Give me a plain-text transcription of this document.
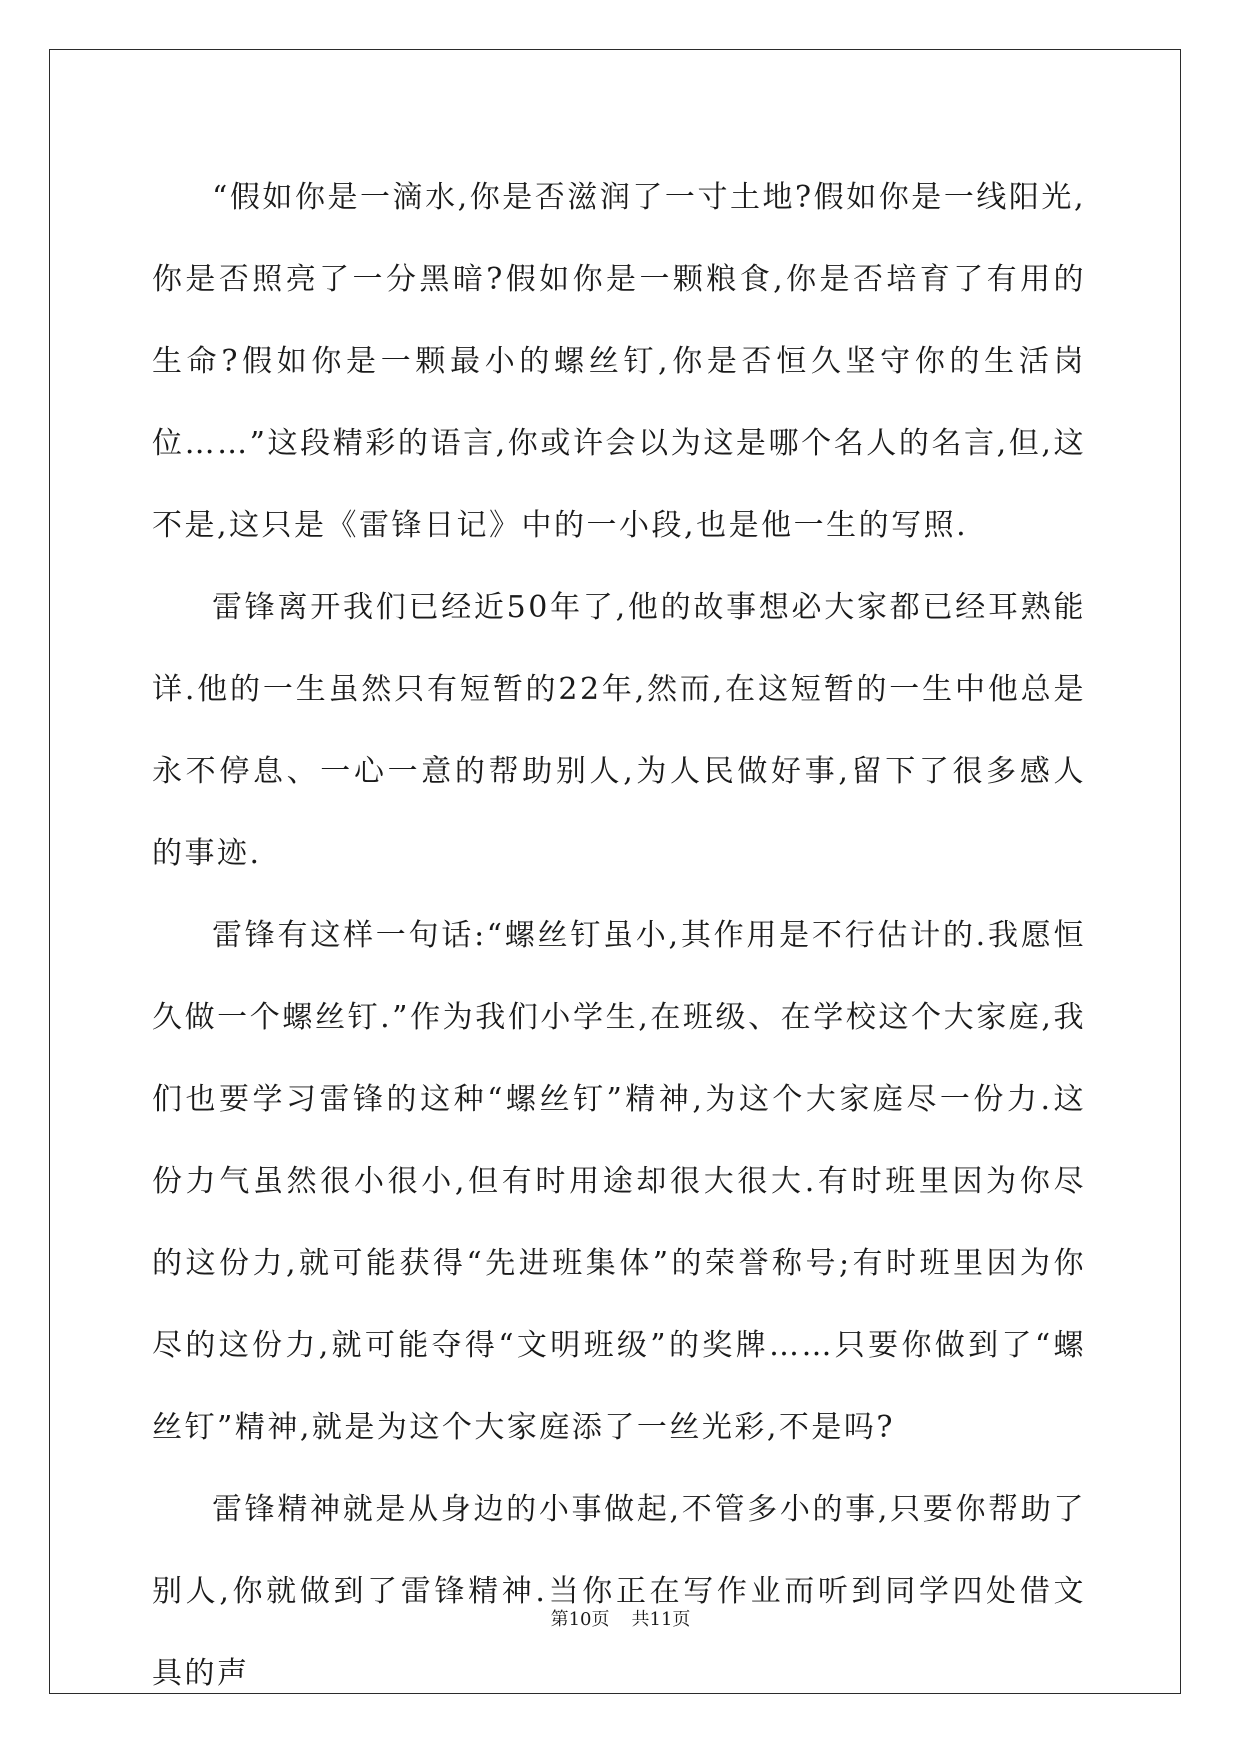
“假如你是一滴水,你是否滋润了一寸土地?假如你是一线阳光,你是否照亮了一分黑暗?假如你是一颗粮食,你是否培育了有用的生命?假如你是一颗最小的螺丝钉,你是否恒久坚守你的生活岗位……”这段精彩的语言,你或许会以为这是哪个名人的名言,但,这不是,这只是《雷锋日记》中的一小段,也是他一生的写照.

雷锋离开我们已经近50年了,他的故事想必大家都已经耳熟能详.他的一生虽然只有短暂的22年,然而,在这短暂的一生中他总是永不停息、一心一意的帮助别人,为人民做好事,留下了很多感人的事迹.

雷锋有这样一句话:“螺丝钉虽小,其作用是不行估计的.我愿恒久做一个螺丝钉.”作为我们小学生,在班级、在学校这个大家庭,我们也要学习雷锋的这种“螺丝钉”精神,为这个大家庭尽一份力.这份力气虽然很小很小,但有时用途却很大很大.有时班里因为你尽的这份力,就可能获得“先进班集体”的荣誉称号;有时班里因为你尽的这份力,就可能夺得“文明班级”的奖牌……只要你做到了“螺丝钉”精神,就是为这个大家庭添了一丝光彩,不是吗?

雷锋精神就是从身边的小事做起,不管多小的事,只要你帮助了别人,你就做到了雷锋精神.当你正在写作业而听到同学四处借文具的声

第10页 共11页
